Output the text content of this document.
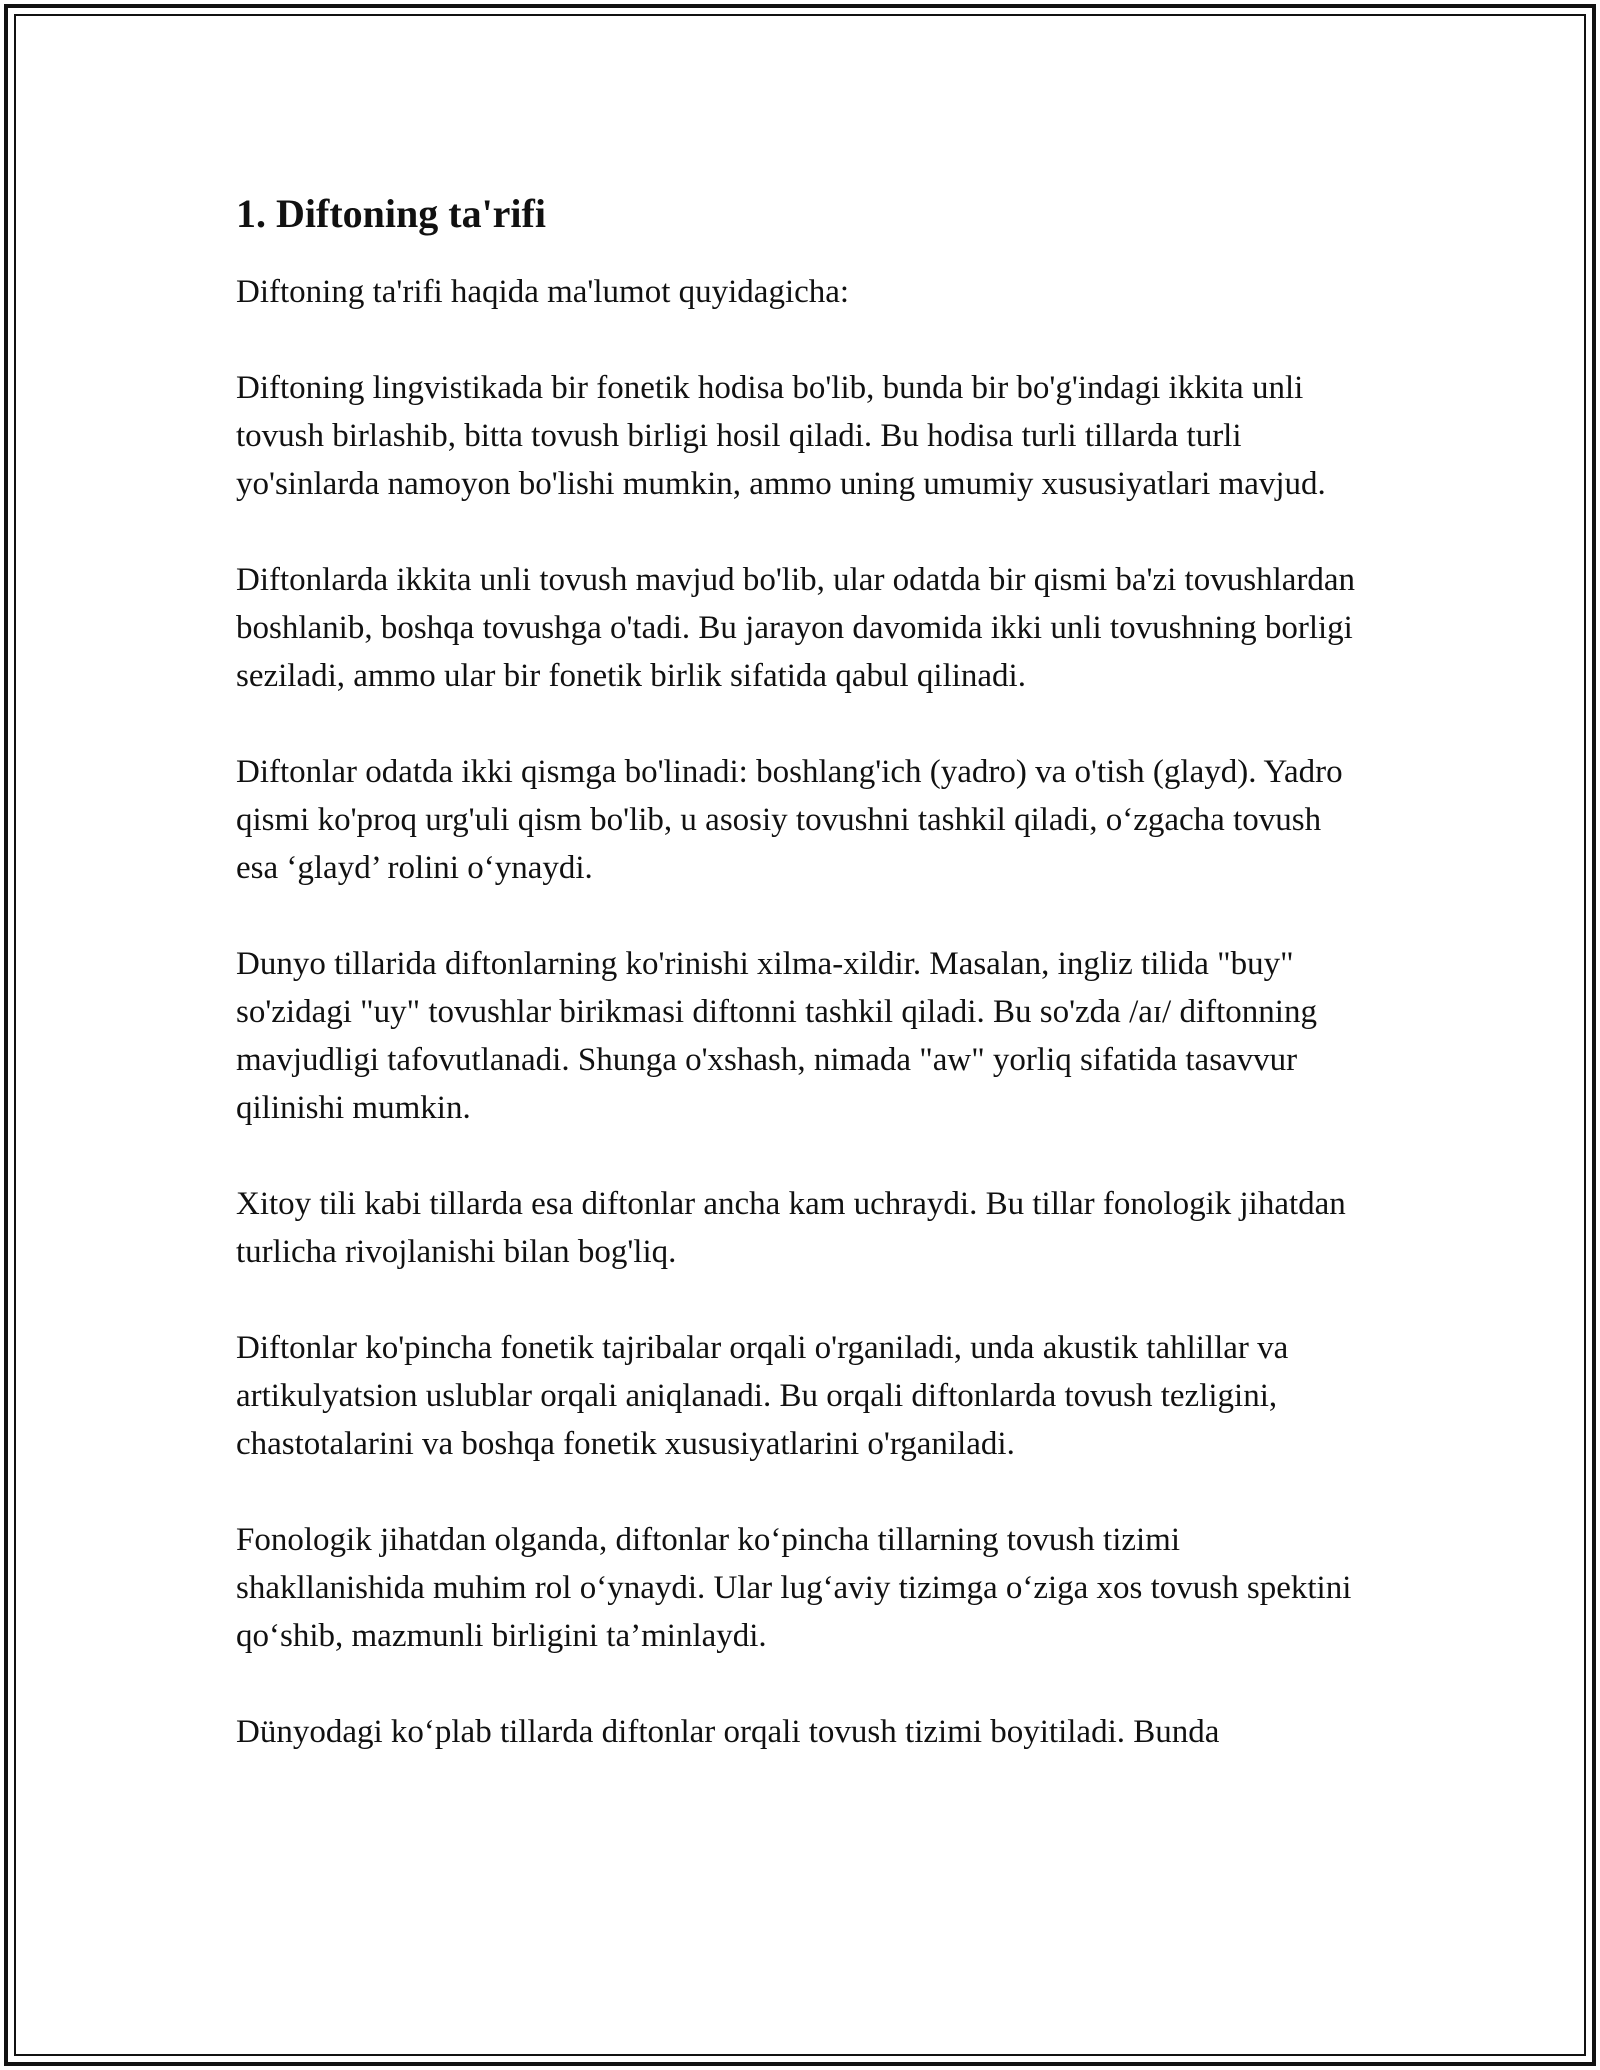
1. Diftoning ta'rifi

Diftoning ta'rifi haqida ma'lumot quyidagicha:

Diftoning lingvistikada bir fonetik hodisa bo'lib, bunda bir bo'g'indagi ikkita unli tovush birlashib, bitta tovush birligi hosil qiladi. Bu hodisa turli tillarda turli yo'sinlarda namoyon bo'lishi mumkin, ammo uning umumiy xususiyatlari mavjud.

Diftonlarda ikkita unli tovush mavjud bo'lib, ular odatda bir qismi ba'zi tovushlardan boshlanib, boshqa tovushga o'tadi. Bu jarayon davomida ikki unli tovushning borligi seziladi, ammo ular bir fonetik birlik sifatida qabul qilinadi.

Diftonlar odatda ikki qismga bo'linadi: boshlang'ich (yadro) va o'tish (glayd). Yadro qismi ko'proq urg'uli qism bo'lib, u asosiy tovushni tashkil qiladi, o‘zgacha tovush esa ‘glayd’ rolini o‘ynaydi.

Dunyo tillarida diftonlarning ko'rinishi xilma-xildir. Masalan, ingliz tilida "buy" so'zidagi "uy" tovushlar birikmasi diftonni tashkil qiladi. Bu so'zda /aɪ/ diftonning mavjudligi tafovutlanadi. Shunga o'xshash, nimada "aw" yorliq sifatida tasavvur qilinishi mumkin.

Xitoy tili kabi tillarda esa diftonlar ancha kam uchraydi. Bu tillar fonologik jihatdan turlicha rivojlanishi bilan bog'liq.

Diftonlar ko'pincha fonetik tajribalar orqali o'rganiladi, unda akustik tahlillar va artikulyatsion uslublar orqali aniqlanadi. Bu orqali diftonlarda tovush tezligini, chastotalarini va boshqa fonetik xususiyatlarini o'rganiladi.

Fonologik jihatdan olganda, diftonlar ko‘pincha tillarning tovush tizimi shakllanishida muhim rol o‘ynaydi. Ular lug‘aviy tizimga o‘ziga xos tovush spektini qo‘shib, mazmunli birligini ta’minlaydi.

Dünyodagi ko‘plab tillarda diftonlar orqali tovush tizimi boyitiladi. Bunda
